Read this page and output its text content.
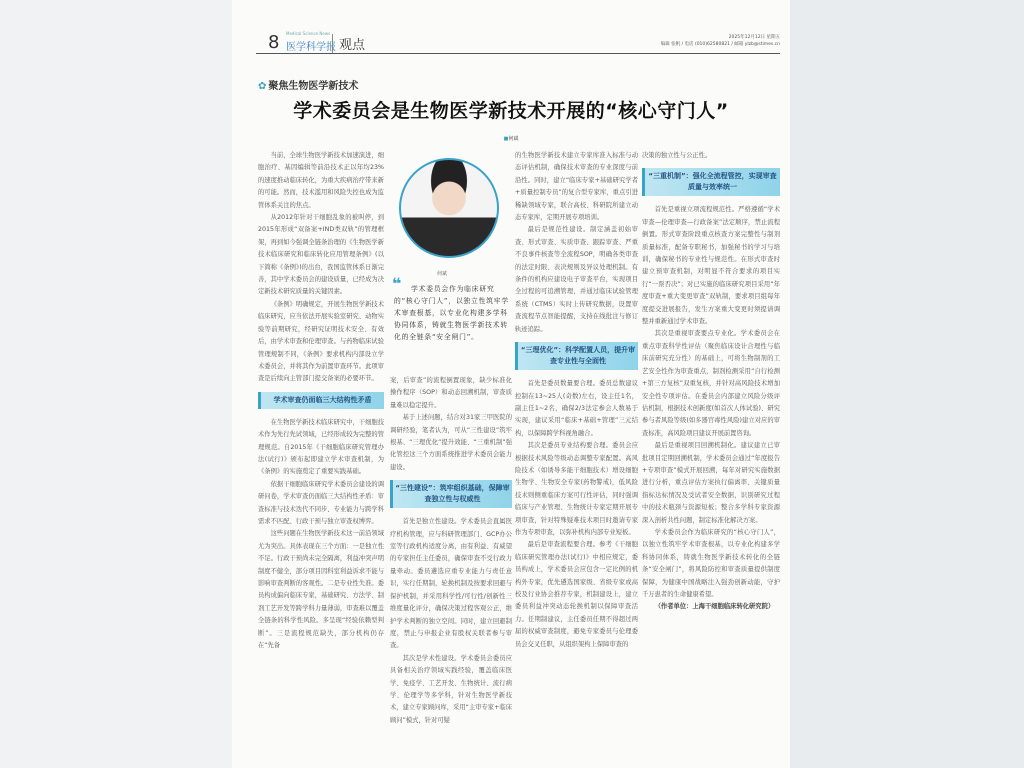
8 Medical Science News
医学科学报 观点
2025年12月12日 星期五
编辑 张帆 / 电话 (010)62580821 / 邮箱 ylzb@stimes.cn
✿ 聚焦生物医学新技术
学术委员会是生物医学新技术开展的“核心守门人”
■何斌

当前，全球生物医学新技术加速演进，细胞治疗、基因编辑等前沿技术正以年均23%的速度推动临床转化，为重大疾病治疗带来新的可能。然而，技术滥用和风险失控也成为监管体系关注的焦点。

从2012年针对干细胞乱象的被叫停，到2015年形成“双备案+IND类双轨”的管理框架，再到如今强调全链条治理的《生物医学新技术临床研究和临床转化应用管理条例》(以下简称《条例》)的出台，我国监管体系日渐完善，其中学术委员会的建设质量，已经成为决定新技术研究质量的关键因素。

《条例》明确规定，开展生物医学新技术临床研究，应当依法开展实验室研究、动物实验等前期研究，经研究证明技术安全、有效后，由学术审查和伦理审查。与药物临床试验管理规制不同，《条例》要求机构内部设立学术委员会，并将其作为前置审查环节。此项审查是后续向主管部门提交备案的必要环节。

学术审查仍面临三大结构性矛盾

在生物医学新技术临床研究中，干细胞技术作为先行先试领域，已经形成较为完整的管理规范。自2015年《干细胞临床研究管理办法(试行)》颁布起即建立学术审查机制，为《条例》的实施奠定了重要实践基础。

依据干细胞临床研究学术委员会建设的调研问卷，学术审查仍面临三大结构性矛盾：审查标准与技术迭代不同步、专业能力与跨学科需求不匹配、行政干预与独立审查权博弈。

这些问题在生物医学新技术这一前沿领域尤为突出。具体表现在三个方面：一是独立性不足。行政干预尚未完全隔离，利益冲突声明制度不健全，部分项目因科室利益诉求不能与影响审查判断的客观性。二是专业性失准。委员构成偏向临床专家，基础研究、方法学、制剂工艺开发等跨学科力量薄弱，审查难以覆盖全链条的科学性风险。多呈现“经验依赖型判断”。三是流程规范缺失，部分机构仍存在“先备

何斌
❝	学术委员会作为临床研究的“核心守门人”，以独立性筑牢学术审查根基，以专业化构建多学科协同体系，铸就生物医学新技术转化的全链条“安全闸门”。

案，后审查”的流程倒置现象，缺少标准化操作程序（SOP）和动态回溯机制，审查质量难以稳定提升。

基于上述问题，结合对31家三甲医院的调研经验，笔者认为，可从“三性建设”筑牢根基、“三理优化”提升效能、“三重机制”强化管控这三个方面系统推进学术委员会能力建设。

“三性建设”：筑牢组织基础，保障审查独立性与权威性

首先是独立性建设。学术委员会直属医疗机构管理，应与科研管理部门、GCP办公室等行政机构适度分离，由有利益、有威望的专家担任主任委员，确保审查不受行政力量牵动。委员遴选应重专业能力与责任意识，实行任期制，轮换机制及按要求回避与保护机制，并采用科学性/可行性/创新性三维度量化评分，确保决策过程客观公正，维护学术判断的独立空间。同时，建立回避制度，禁止与申报企业有股权关联者参与审查。

其次是学术性建设。学术委员会委员应具备相关治疗领域实践经验，覆盖临床医学、免疫学、工艺开发、生物统计、流行病学、伦理学等多学科，针对生物医学新技术，建立专家顾问库，采用“主审专家+临床顾问”模式，针对可疑

的生物医学新技术建立专家库准入标准与动态评估机制，确保技术审查的专业深度与前沿性。同时，建立“临床专家+基础研究学者+质量控制专员”的复合型专家库，重点引进稀缺领域专家，联合高校、科研院所建立动态专家库，定期开展专项培训。

最后是规范性建设。制定涵盖初始审查、形式审查、实质审查、跟踪审查、严重不良事件核查等全流程SOP，明确各类审查的法定时限、表决规则及异议处理机制。有条件的机构应建设电子审查平台，实现项目全过程的可追溯管理，并通过临床试验管理系统（CTMS）实时上传研究数据，设置审查流程节点智能提醒，支持在线批注与修订轨迹追踪。

“三理优化”：科学配置人员，提升审查专业性与全面性

首先是委员数量要合理。委员总数建议控制在13~25人(奇数)左右，设主任1名，副主任1~2名，确保2/3法定参会人数易于实现，建议采用“临床+基础+管理”三元结构，以保障跨学科视角融合。

其次是委员专业结构要合理。委员会应根据技术风险等级动态调整专家配置。高风险技术（如诱导多能干细胞技术）增设细胞生物学、生物安全专家(药物警戒)，低风险技术则侧重临床方案可行性评估，同时强调临床与产业管理、生物统计专家定期开展专项审查，针对特殊疑难技术项目时邀请专家作为专项审查，以弥补机构内部专业短板。

最后是审查流程要合理。参考《干细胞临床研究管理办法(试行)》中相应规定，委员构成上，学术委员会应包含一定比例的机构外专家，优先遴选国家级、省级专家或高校及行业协会推荐专家，机制建设上，建立委员利益冲突动态轮换机制以保障审查活力。任期制建议，主任委员任期不得超过两届的权威审查制度，避免专家委员与伦理委员会交叉任职，从组织架构上保障审查的

决策的独立性与公正性。

“三重机制”：强化全流程管控，实现审查质量与效率统一

首先是重视立项流程规范性。严格遵循“学术审查—伦理审查—行政备案”法定顺序，禁止流程倒置。形式审查阶段重点核查方案完整性与制剂质量标准，配备专职秘书，加强秘书的学习与培训，确保秘书的专业性与规范性。在形式审查时建立预审查机制，对明显不符合要求的项目实行“一票否决”；对已实施的临床研究项目采用“年度审查+重大变更审查”双轨制，要求项目组每年度提交进展报告，发生方案重大变更时须提请调整并重新通过学术审查。

其次是重视审查要点专业化。学术委员会在重点审查科学性评估（聚焦临床设计合理性与临床前研究充分性）的基础上，可将生物制剂的工艺安全性作为审查重点，制剂检测采用“自行检测+第三方复核”双重复核，并针对高风险技术增加安全性专项评估。在委员会内部建立风险分级评估机制，根据技术创新度(如首次人体试验)、研究参与者风险等级(如多器官毒性风险)建立对应的审查标准，高风险项目建议开展前置咨询。

最后是重视项目回溯机制化。建议建立已审批项目定期回溯机制，学术委员会通过“年度报告+专项审查”模式开展回溯，每年对研究实施数据进行分析，重点评估方案执行偏离率、关键质量指标达标情况及受试者安全数据，识别研究过程中的技术瓶颈与资源短板；整合多学科专家资源深入剖析共性问题，制定标准化解决方案。

学术委员会作为临床研究的“核心守门人”，以独立性筑牢学术审查根基，以专业化构建多学科协同体系，铸就生物医学新技术转化的全链条“安全闸门”，将风险防控和审查质量提供制度保障，为健康中国战略注入强劲创新动能，守护千万患者的生命健康希望。

（作者单位：上海干细胞临床转化研究院）
